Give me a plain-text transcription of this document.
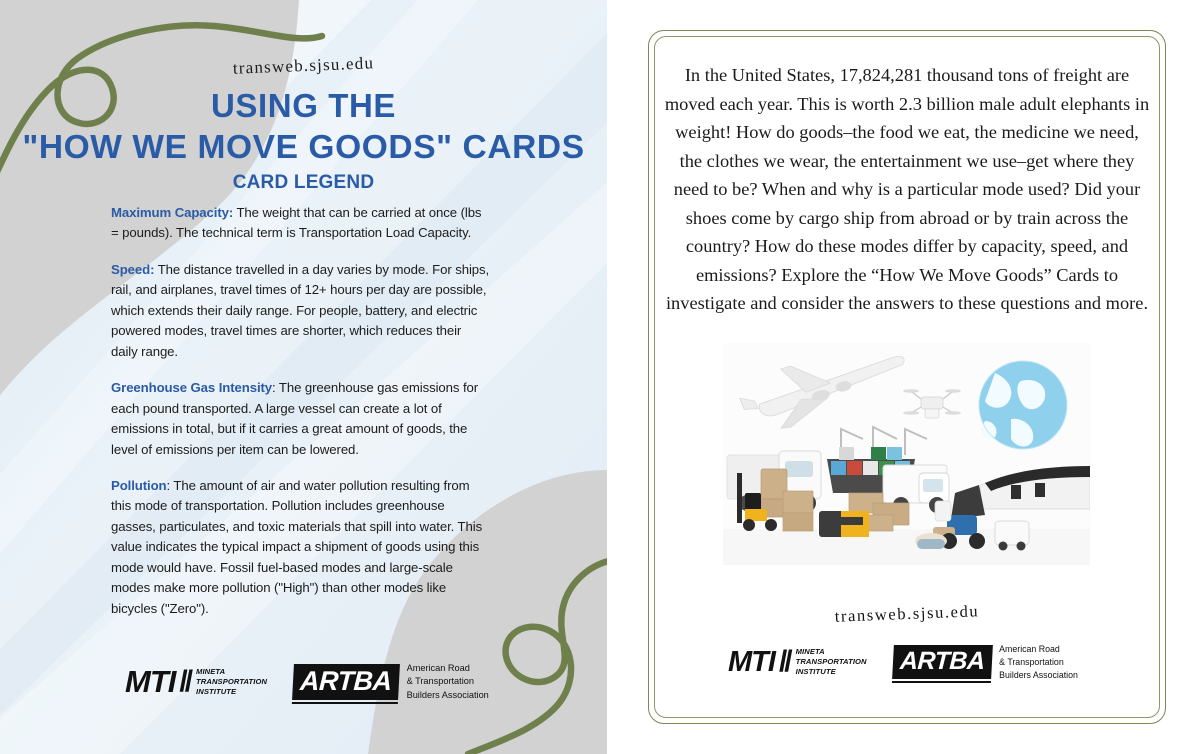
transweb.sjsu.edu
USING THE
"HOW WE MOVE GOODS" CARDS
CARD LEGEND

Maximum Capacity: The weight that can be carried at once (lbs = pounds). The technical term is Transportation Load Capacity.

Speed: The distance travelled in a day varies by mode. For ships, rail, and airplanes, travel times of 12+ hours per day are possible, which extends their daily range. For people, battery, and electric powered modes, travel times are shorter, which reduces their daily range.

Greenhouse Gas Intensity: The greenhouse gas emissions for each pound transported. A large vessel can create a lot of emissions in total, but if it carries a great amount of goods, the level of emissions per item can be lowered.

Pollution: The amount of air and water pollution resulting from this mode of transportation. Pollution includes greenhouse gasses, particulates, and toxic materials that spill into water. This value indicates the typical impact a shipment of goods using this mode would have. Fossil fuel-based modes and large-scale modes make more pollution ("High") than other modes like bicycles ("Zero").

MTI // MINETA
TRANSPORTATION
INSTITUTE	ARTBA	American Road
& Transportation
Builders Association

In the United States, 17,824,281 thousand tons of freight are moved each year. This is worth 2.3 billion male adult elephants in weight! How do goods–the food we eat, the medicine we need, the clothes we wear, the entertainment we use–get where they need to be? When and why is a particular mode used? Did your shoes come by cargo ship from abroad or by train across the country? How do these modes differ by capacity, speed, and emissions? Explore the “How We Move Goods” Cards to investigate and consider the answers to these questions and more.

transweb.sjsu.edu
MTI // MINETA
TRANSPORTATION
INSTITUTE	ARTBA	American Road
& Transportation
Builders Association
